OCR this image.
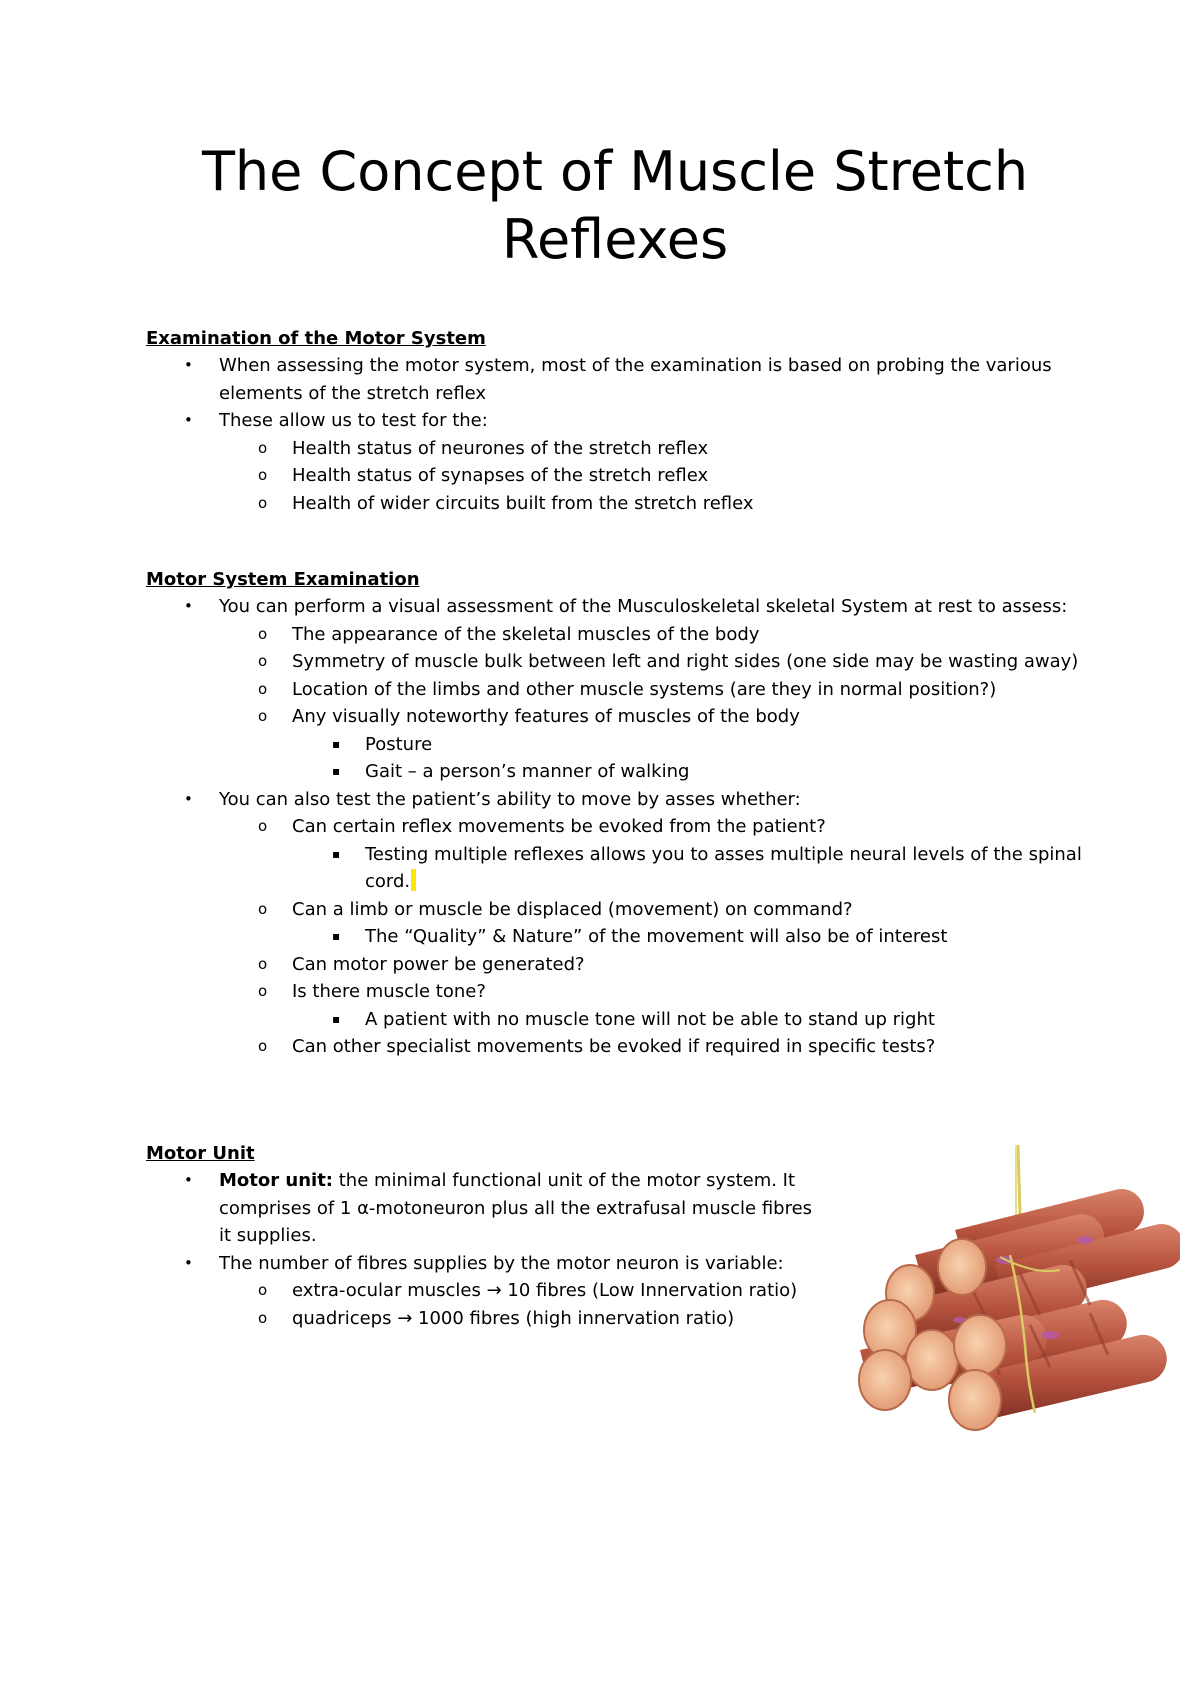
The Concept of Muscle Stretch Reflexes

Examination of the Motor System

• When assessing the motor system, most of the examination is based on probing the various elements of the stretch reflex
• These allow us to test for the:
o Health status of neurones of the stretch reflex
o Health status of synapses of the stretch reflex
o Health of wider circuits built from the stretch reflex

Motor System Examination

• You can perform a visual assessment of the Musculoskeletal skeletal System at rest to assess:
o The appearance of the skeletal muscles of the body
o Symmetry of muscle bulk between left and right sides (one side may be wasting away)
o Location of the limbs and other muscle systems (are they in normal position?)
o Any visually noteworthy features of muscles of the body
▪ Posture
▪ Gait – a person’s manner of walking
• You can also test the patient’s ability to move by asses whether:
o Can certain reflex movements be evoked from the patient?
▪ Testing multiple reflexes allows you to asses multiple neural levels of the spinal cord.
o Can a limb or muscle be displaced (movement) on command?
▪ The “Quality” & Nature” of the movement will also be of interest
o Can motor power be generated?
o Is there muscle tone?
▪ A patient with no muscle tone will not be able to stand up right
o Can other specialist movements be evoked if required in specific tests?

Motor Unit

• Motor unit: the minimal functional unit of the motor system. It comprises of 1 α-motoneuron plus all the extrafusal muscle fibres it supplies.
• The number of fibres supplies by the motor neuron is variable:
o extra-ocular muscles → 10 fibres (Low Innervation ratio)
o quadriceps → 1000 fibres (high innervation ratio)
